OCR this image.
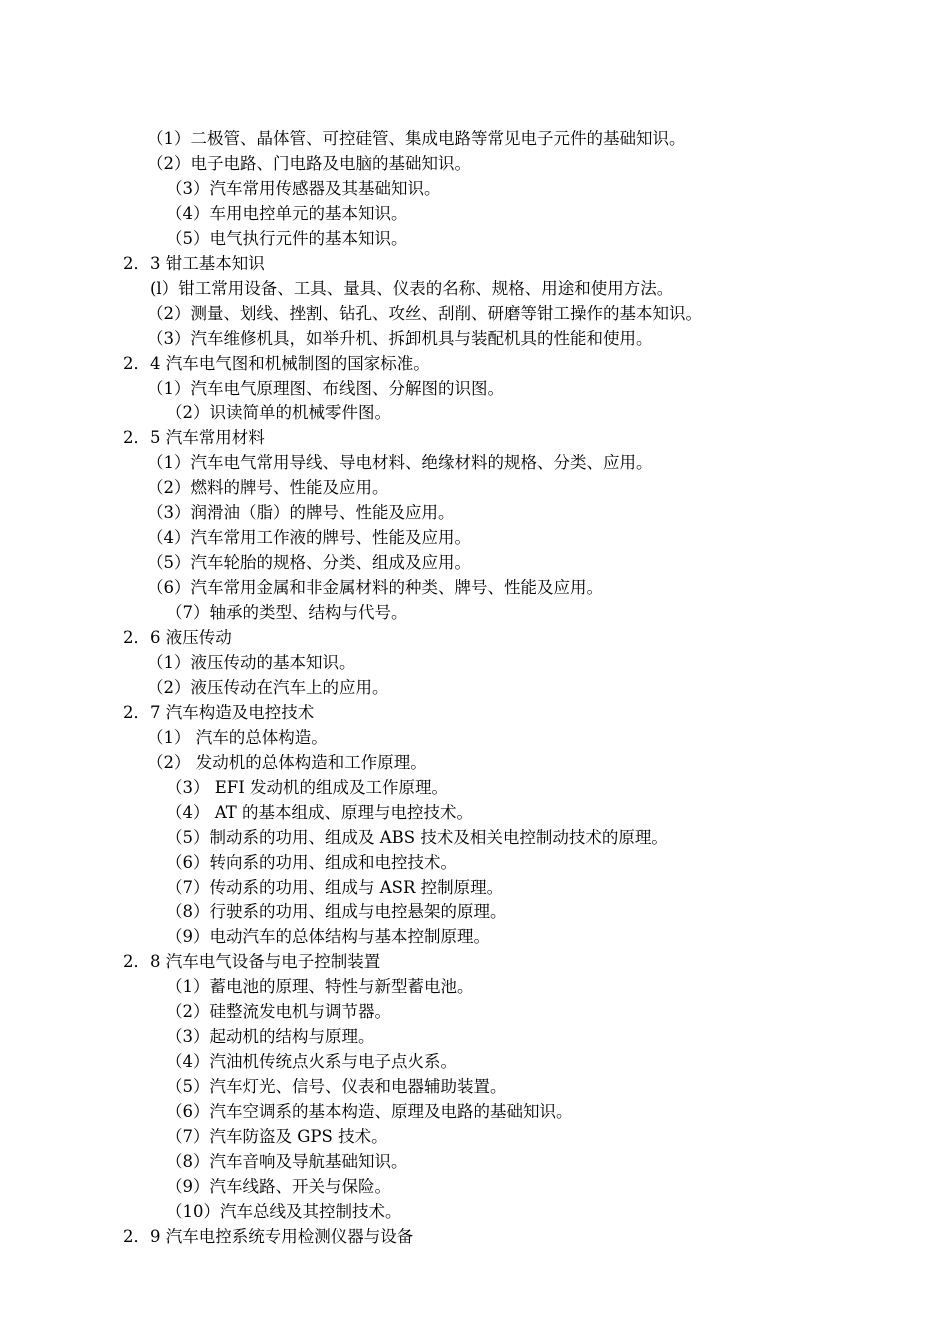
（1）二极管、晶体管、可控硅管、集成电路等常见电子元件的基础知识。
（2）电子电路、门电路及电脑的基础知识。
（3）汽车常用传感器及其基础知识。
（4）车用电控单元的基本知识。
（5）电气执行元件的基本知识。
2．3 钳工基本知识
(l）钳工常用设备、工具、量具、仪表的名称、规格、用途和使用方法。
（2）测量、划线、挫割、钻孔、攻丝、刮削、研磨等钳工操作的基本知识。
（3）汽车维修机具，如举升机、拆卸机具与装配机具的性能和使用。
2．4 汽车电气图和机械制图的国家标准。
（1）汽车电气原理图、布线图、分解图的识图。
（2）识读简单的机械零件图。
2．5 汽车常用材料
（1）汽车电气常用导线、导电材料、绝缘材料的规格、分类、应用。
（2）燃料的牌号、性能及应用。
（3）润滑油（脂）的牌号、性能及应用。
（4）汽车常用工作液的牌号、性能及应用。
（5）汽车轮胎的规格、分类、组成及应用。
（6）汽车常用金属和非金属材料的种类、牌号、性能及应用。
（7）轴承的类型、结构与代号。
2．6 液压传动
（1）液压传动的基本知识。
（2）液压传动在汽车上的应用。
2．7 汽车构造及电控技术
（1） 汽车的总体构造。
（2） 发动机的总体构造和工作原理。
（3） EFI 发动机的组成及工作原理。
（4） AT 的基本组成、原理与电控技术。
（5）制动系的功用、组成及 ABS 技术及相关电控制动技术的原理。
（6）转向系的功用、组成和电控技术。
（7）传动系的功用、组成与 ASR 控制原理。
（8）行驶系的功用、组成与电控悬架的原理。
（9）电动汽车的总体结构与基本控制原理。
2．8 汽车电气设备与电子控制装置
（1）蓄电池的原理、特性与新型蓄电池。
（2）硅整流发电机与调节器。
（3）起动机的结构与原理。
（4）汽油机传统点火系与电子点火系。
（5）汽车灯光、信号、仪表和电器辅助装置。
（6）汽车空调系的基本构造、原理及电路的基础知识。
（7）汽车防盗及 GPS 技术。
（8）汽车音响及导航基础知识。
（9）汽车线路、开关与保险。
（10）汽车总线及其控制技术。
2．9 汽车电控系统专用检测仪器与设备
